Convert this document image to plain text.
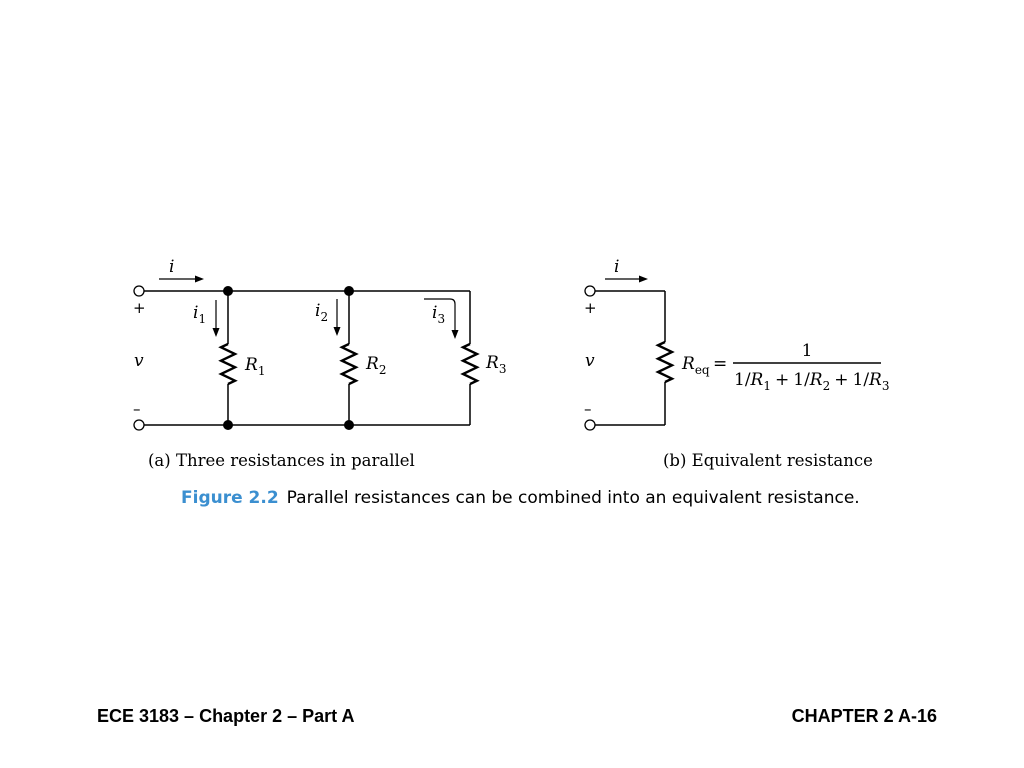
i
+
–
v
$i_1$	$i_2$	$i_3$
$R_1$	$R_2$	$R_3$
(a) Three resistances in parallel
i
+
–
v	$R_{eq}$ =
1
$1/R_1 + 1/R_2 + 1/R_3$
(b) Equivalent resistance
Figure 2.2 Parallel resistances can be combined into an equivalent resistance.
ECE 3183 – Chapter 2 – Part A	CHAPTER 2 A-16
